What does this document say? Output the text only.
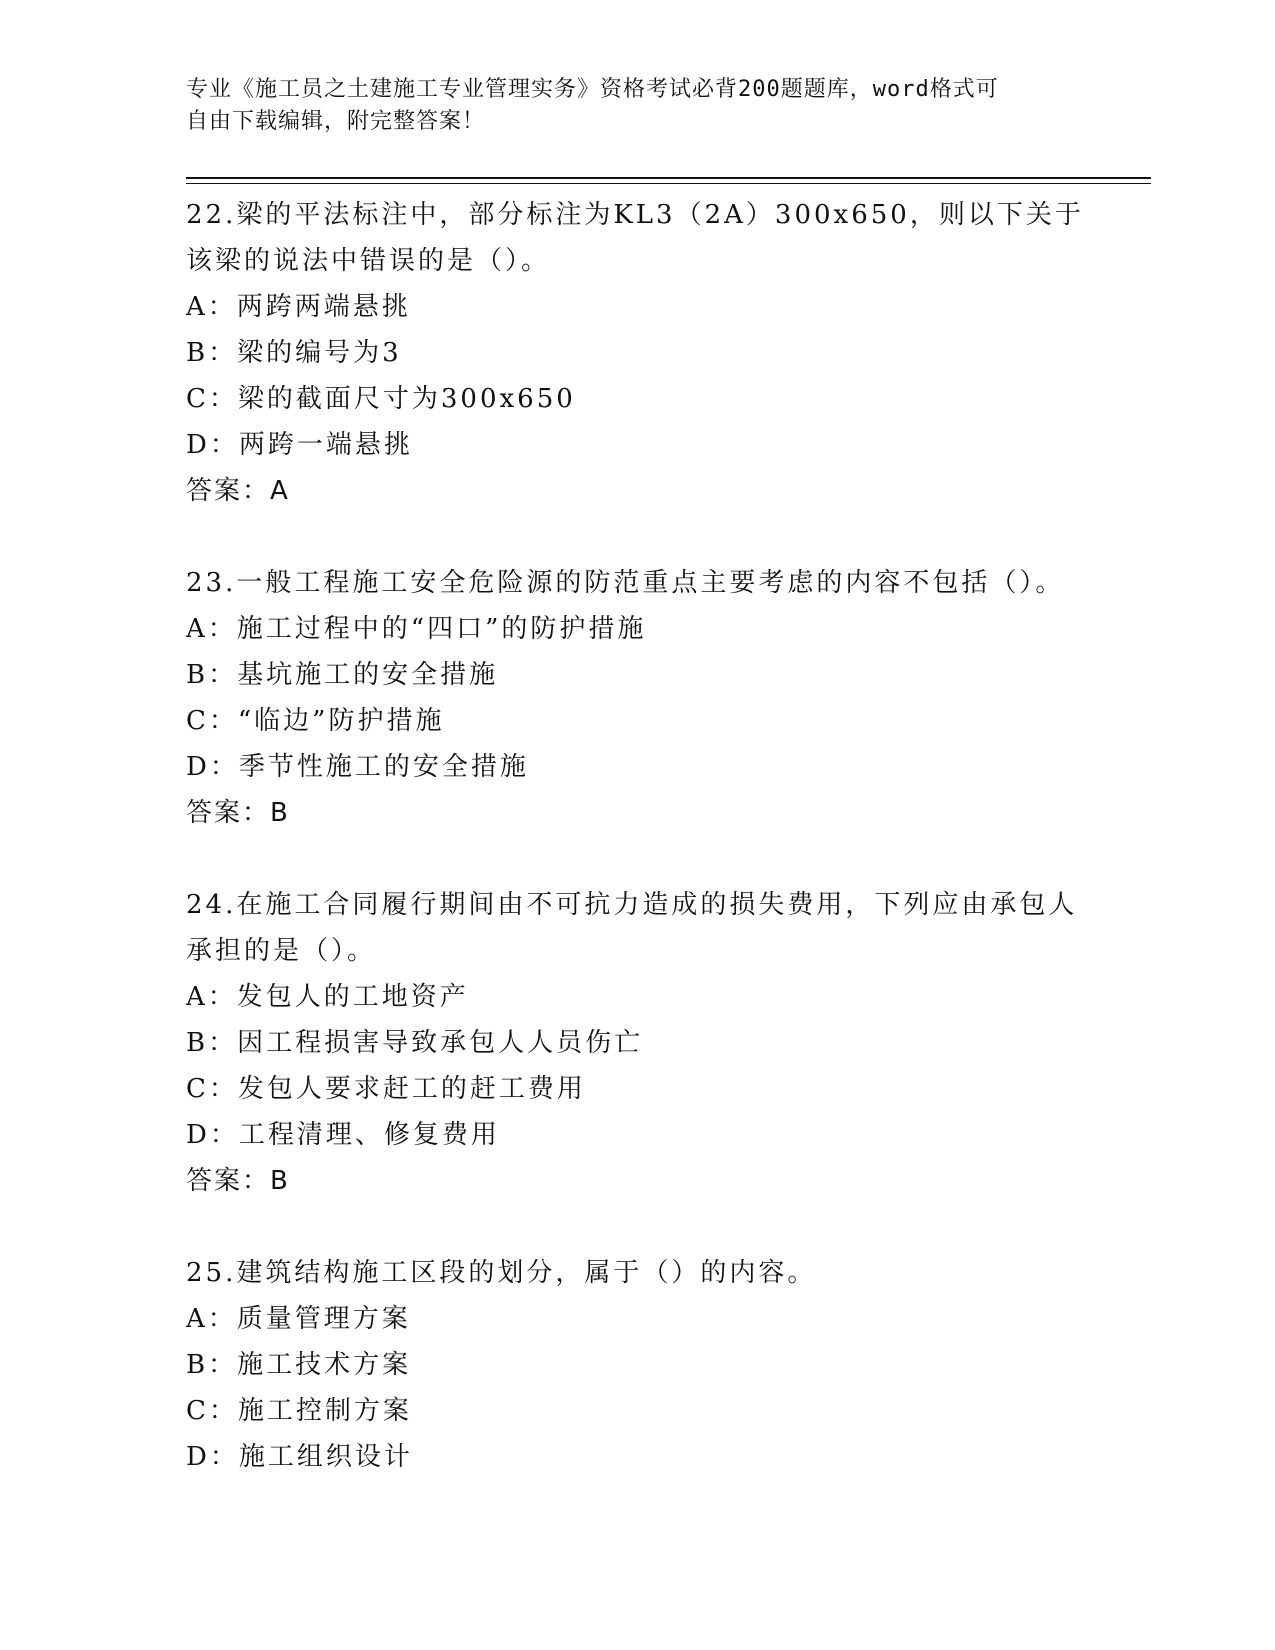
专业《施工员之土建施工专业管理实务》资格考试必背200题题库，word格式可
自由下载编辑，附完整答案！

22.梁的平法标注中，部分标注为KL3（2A）300x650，则以下关于该梁的说法中错误的是（）。

A：两跨两端悬挑

B：梁的编号为3

C：梁的截面尺寸为300x650

D：两跨一端悬挑

答案：A

23.一般工程施工安全危险源的防范重点主要考虑的内容不包括（）。

A：施工过程中的“四口”的防护措施

B：基坑施工的安全措施

C：“临边”防护措施

D：季节性施工的安全措施

答案：B

24.在施工合同履行期间由不可抗力造成的损失费用，下列应由承包人承担的是（）。

A：发包人的工地资产

B：因工程损害导致承包人人员伤亡

C：发包人要求赶工的赶工费用

D：工程清理、修复费用

答案：B

25.建筑结构施工区段的划分，属于（）的内容。

A：质量管理方案

B：施工技术方案

C：施工控制方案

D：施工组织设计
